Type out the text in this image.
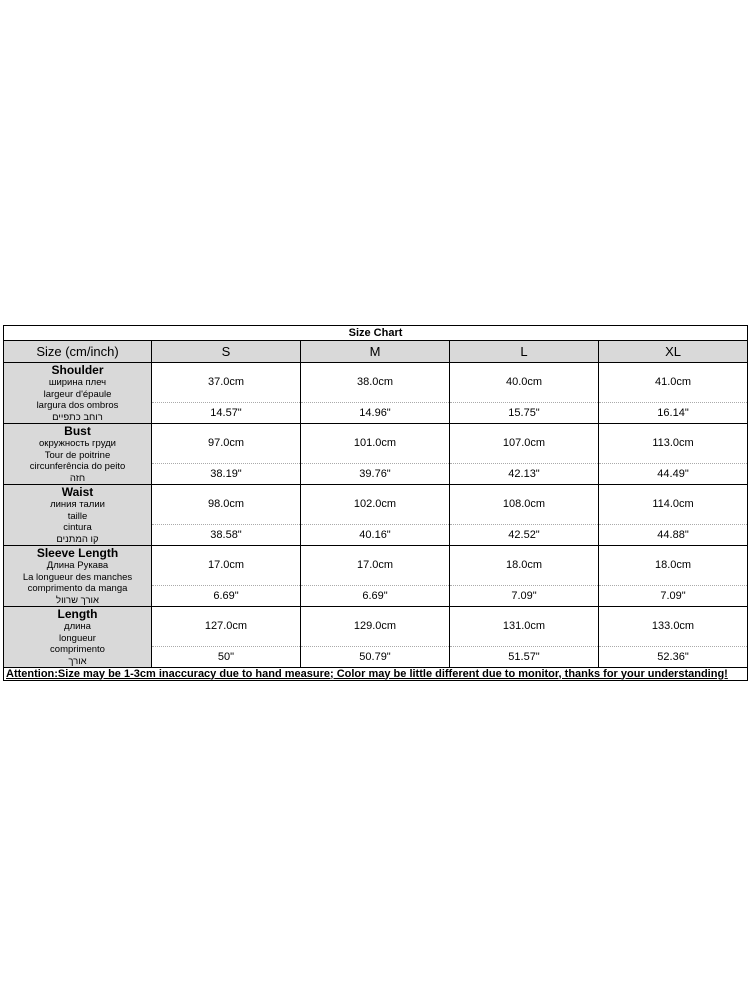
Size Chart				
Size (cm/inch)	S	M	L	XL

Shoulder
ширина плеч
largeur d'épaule
largura dos ombros
רוחב כתפיים	37.0cm	38.0cm	40.0cm	41.0cm
	14.57"	14.96"	15.75"	16.14"

Bust
окружность груди
Tour de poitrine
circunferência do peito
חזה	97.0cm	101.0cm	107.0cm	113.0cm
	38.19"	39.76"	42.13"	44.49"

Waist
линия талии
taille
cintura
קו המתנים	98.0cm	102.0cm	108.0cm	114.0cm
	38.58"	40.16"	42.52"	44.88"

Sleeve Length
Длина Рукава
La longueur des manches
comprimento da manga
אורך שרוול	17.0cm	17.0cm	18.0cm	18.0cm
	6.69"	6.69"	7.09"	7.09"

Length
длина
longueur
comprimento
אורך	127.0cm	129.0cm	131.0cm	133.0cm
	50"	50.79"	51.57"	52.36"
Attention:Size may be 1-3cm inaccuracy due to hand measure; Color may be little different due to monitor, thanks for your understanding!				
